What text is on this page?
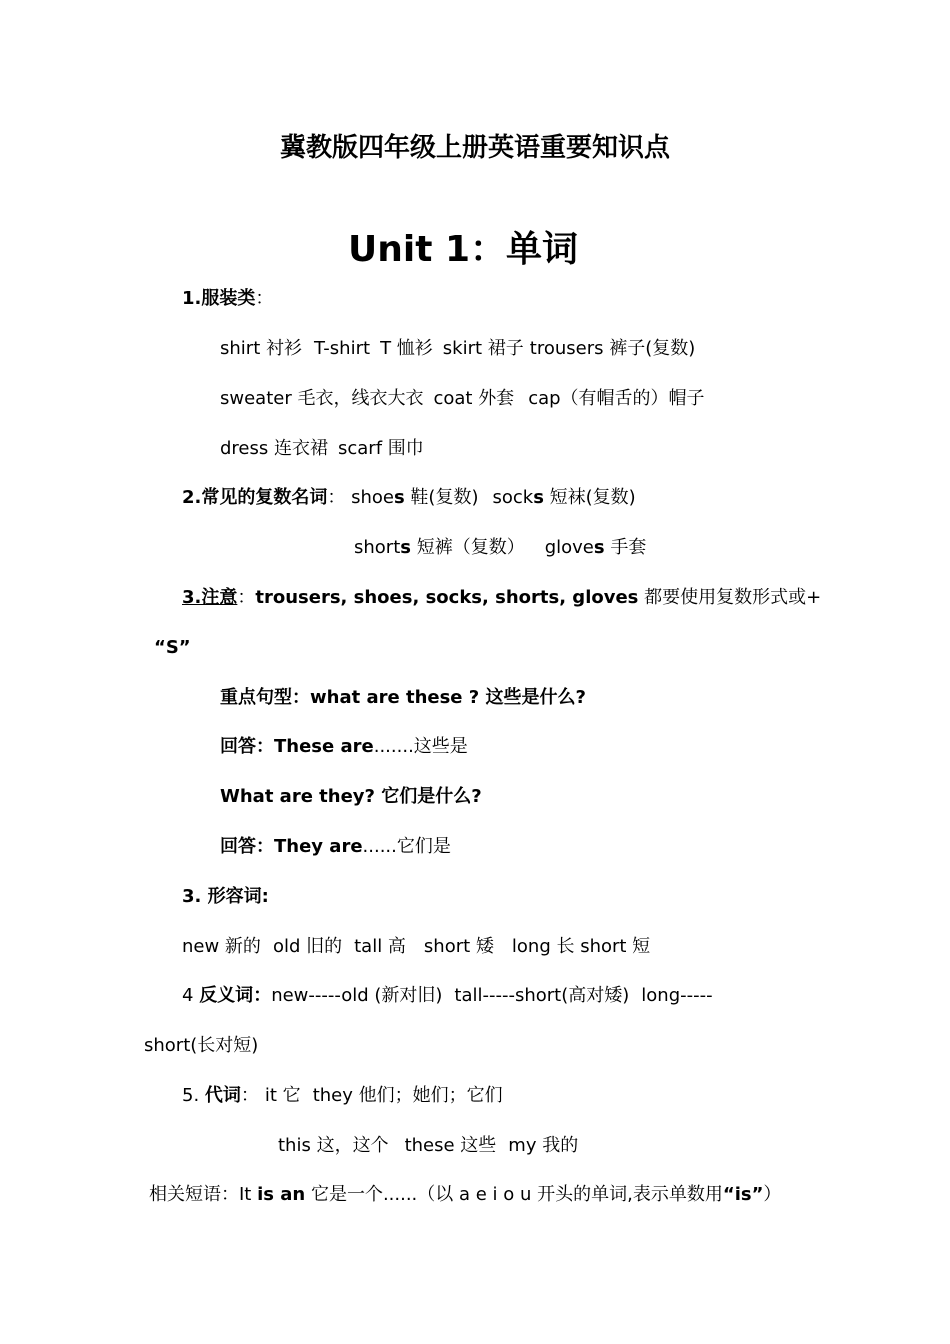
冀教版四年级上册英语重要知识点
Unit 1：单词
1.服装类：
shirt 衬衫 T-shirt T 恤衫 skirt 裙子 trousers 裤子(复数)
sweater 毛衣，线衣大衣 coat 外套 cap（有帽舌的）帽子
dress 连衣裙 scarf 围巾
2.常见的复数名词： shoes 鞋(复数) socks 短袜(复数)
shorts 短裤（复数） gloves 手套
3.注意：trousers, shoes, socks, shorts, gloves 都要使用复数形式或+
“S”
重点句型：what are these ? 这些是什么?
回答：These are.......这些是
What are they? 它们是什么?
回答：They are......它们是
3. 形容词:
new 新的 old 旧的 tall 高 short 矮 long 长 short 短
4 反义词：new-----old (新对旧) tall-----short(高对矮) long-----
short(长对短)
5. 代词： it 它 they 他们；她们；它们
this 这，这个 these 这些 my 我的
相关短语：It is an 它是一个......（以 a e i o u 开头的单词,表示单数用“is”）
